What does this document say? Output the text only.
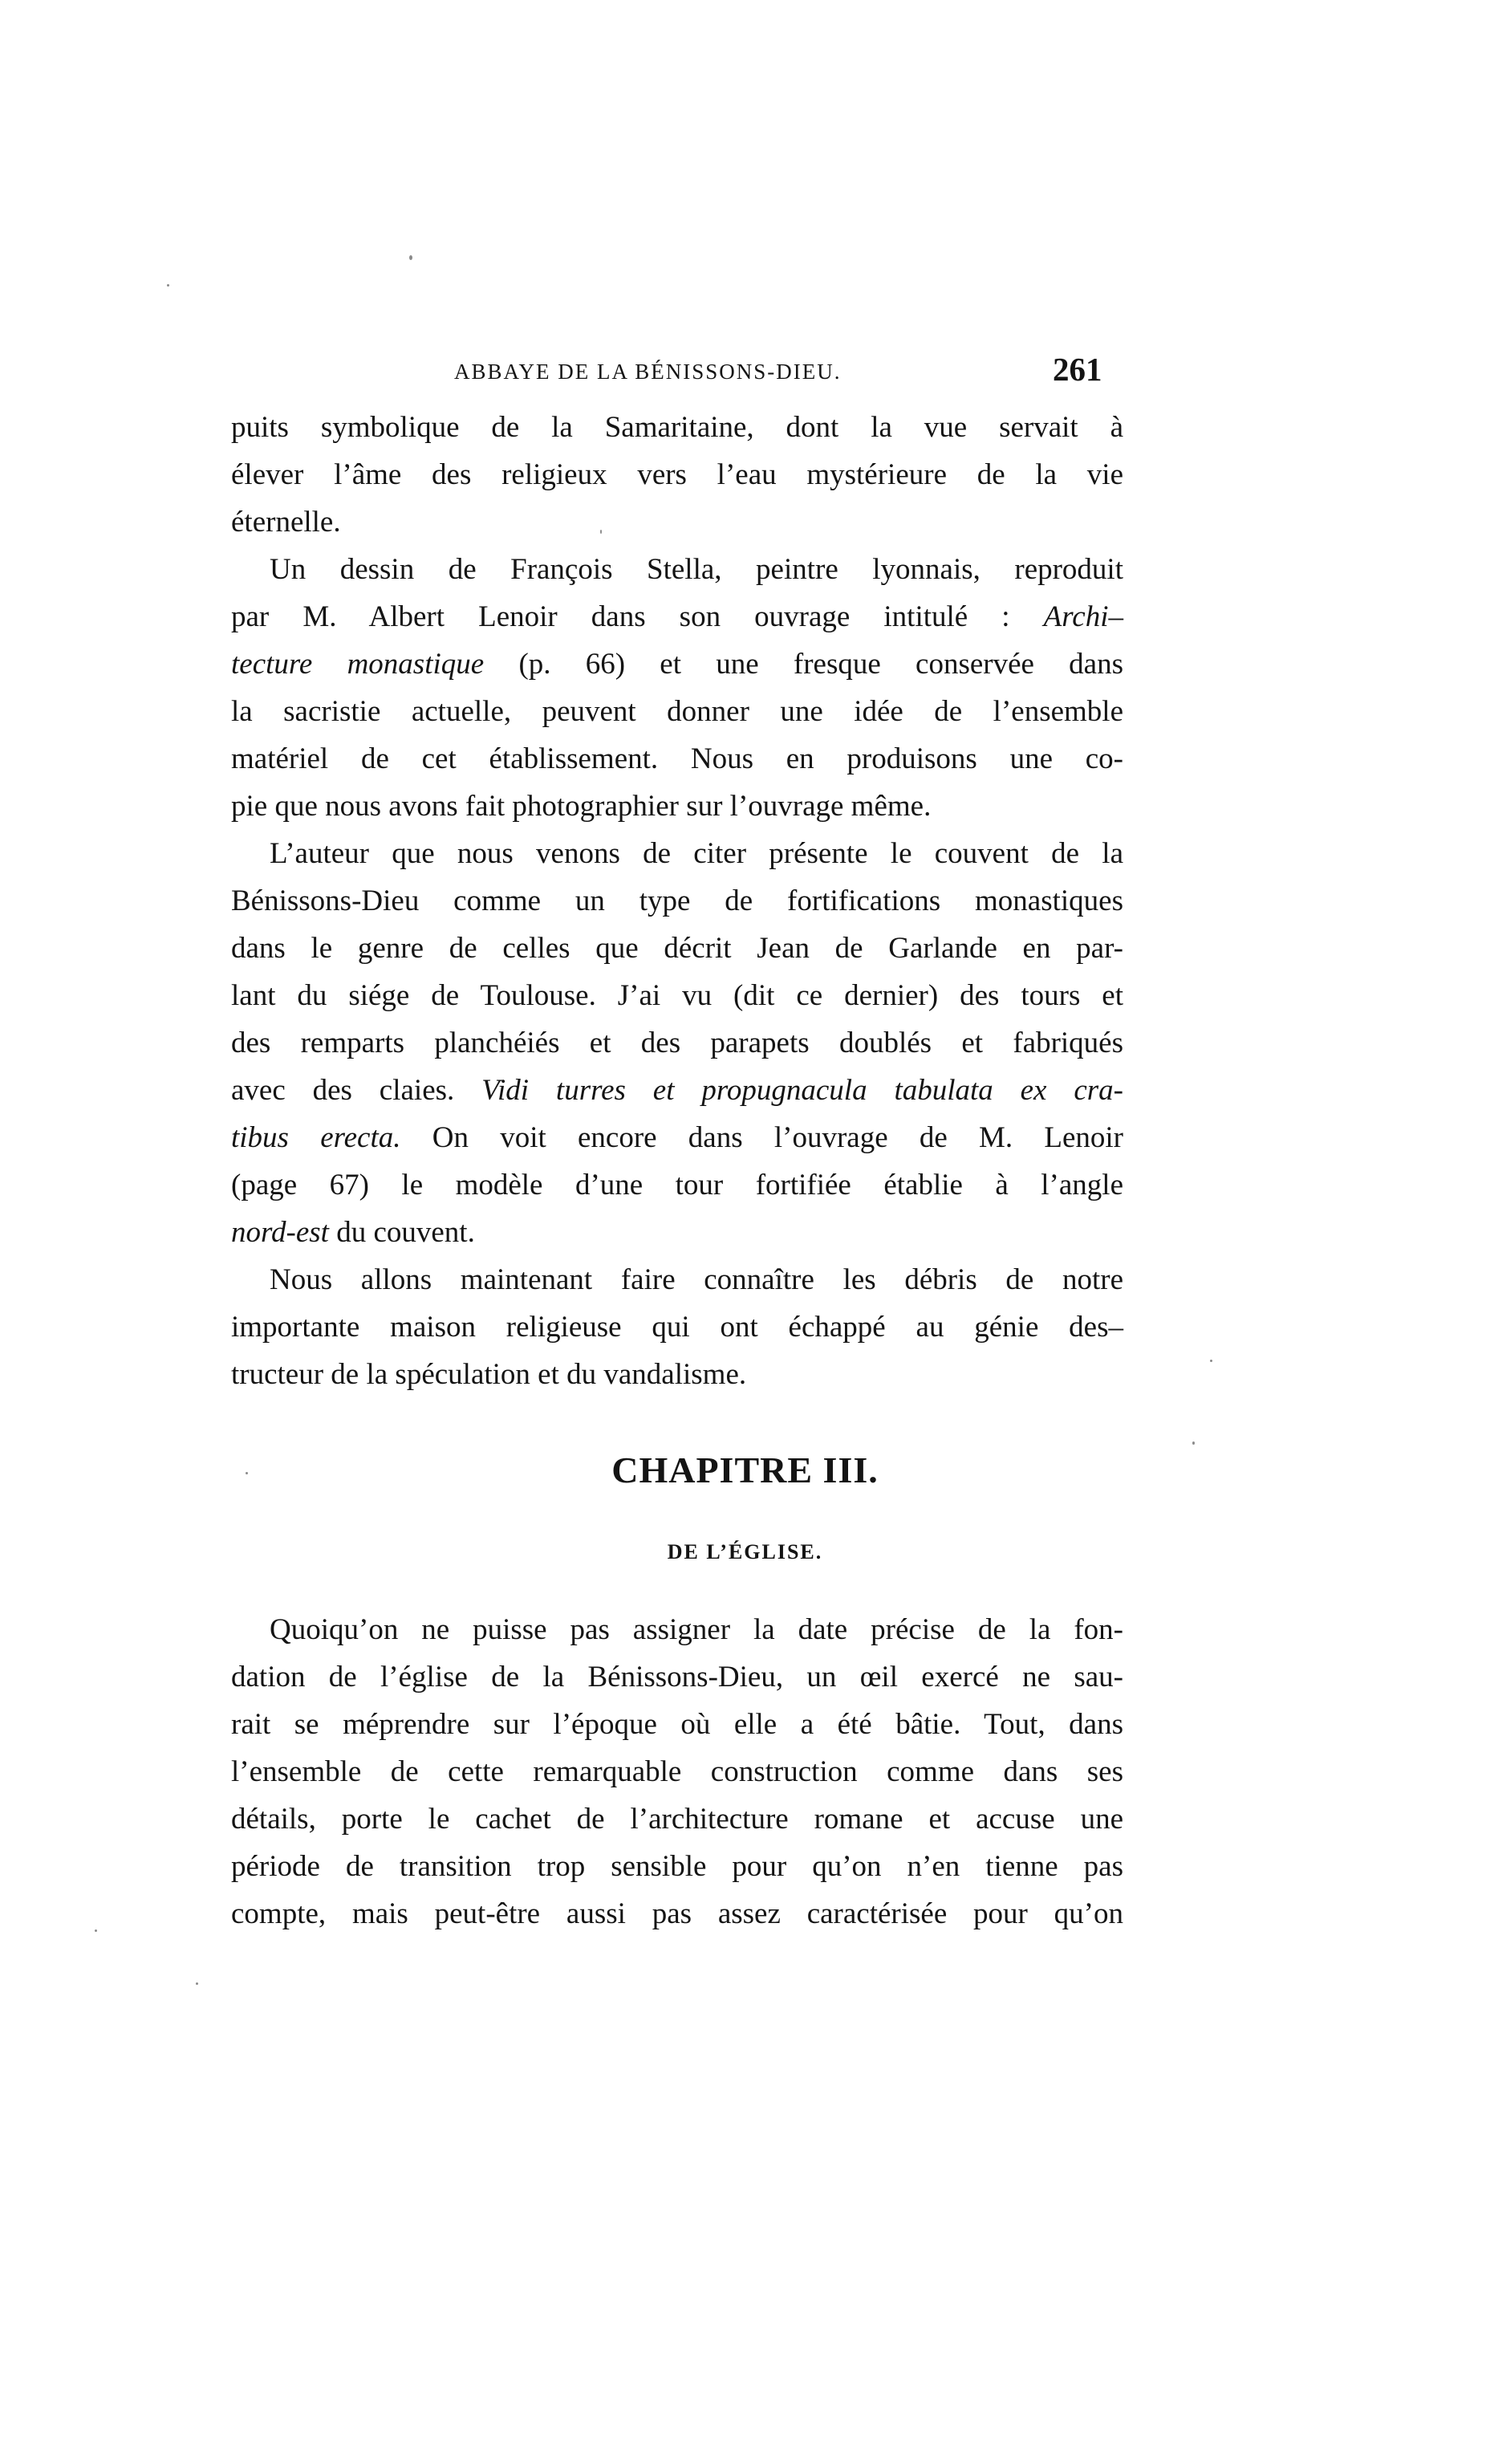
ABBAYE DE LA BÉNISSONS-DIEU.	261

puits symbolique de la Samaritaine, dont la vue servait à

élever l’âme des religieux vers l’eau mystérieure de la vie

éternelle.

Un dessin de François Stella, peintre lyonnais, reproduit

par M. Albert Lenoir dans son ouvrage intitulé : Archi–

tecture monastique (p. 66) et une fresque conservée dans

la sacristie actuelle, peuvent donner une idée de l’ensemble

matériel de cet établissement. Nous en produisons une co-

pie que nous avons fait photographier sur l’ouvrage même.

L’auteur que nous venons de citer présente le couvent de la

Bénissons-Dieu comme un type de fortifications monastiques

dans le genre de celles que décrit Jean de Garlande en par-

lant du siége de Toulouse. J’ai vu (dit ce dernier) des tours et

des remparts planchéiés et des parapets doublés et fabriqués

avec des claies. Vidi turres et propugnacula tabulata ex cra-

tibus erecta. On voit encore dans l’ouvrage de M. Lenoir

(page 67) le modèle d’une tour fortifiée établie à l’angle

nord-est du couvent.

Nous allons maintenant faire connaître les débris de notre

importante maison religieuse qui ont échappé au génie des–

tructeur de la spéculation et du vandalisme.

CHAPITRE III.
DE L’ÉGLISE.

Quoiqu’on ne puisse pas assigner la date précise de la fon-

dation de l’église de la Bénissons-Dieu, un œil exercé ne sau-

rait se méprendre sur l’époque où elle a été bâtie. Tout, dans

l’ensemble de cette remarquable construction comme dans ses

détails, porte le cachet de l’architecture romane et accuse une

période de transition trop sensible pour qu’on n’en tienne pas

compte, mais peut-être aussi pas assez caractérisée pour qu’on
